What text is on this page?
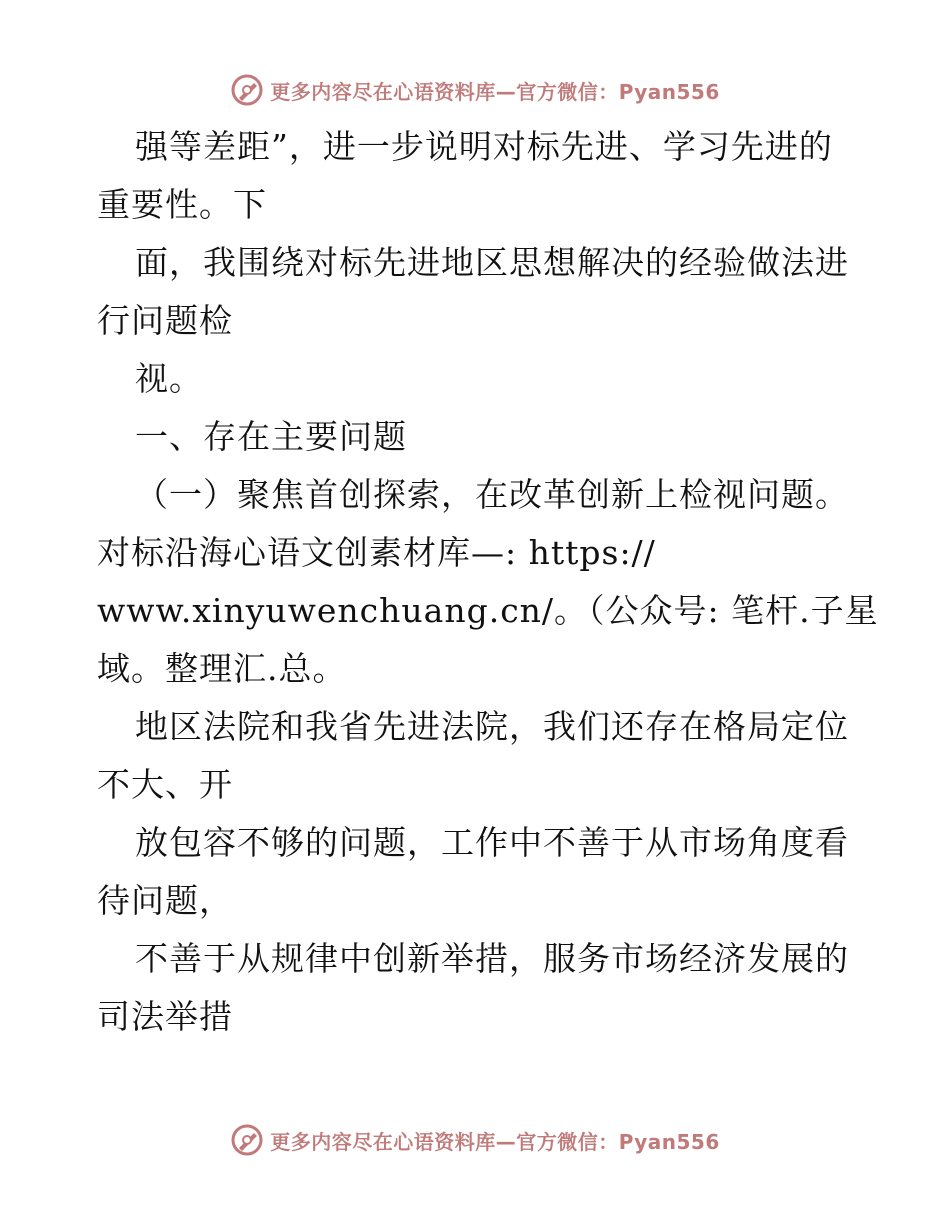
更多内容尽在心语资料库—官方微信：Pyan556
强等差距”，进一步说明对标先进、学习先进的
重要性。下
面，我围绕对标先进地区思想解决的经验做法进
行问题检
视。
一、存在主要问题
（一）聚焦首创探索，在改革创新上检视问题。
对标沿海心语文创素材库—: https://
www.xinyuwenchuang.cn/。（公众号: 笔杆.子星
域。整理汇.总。
地区法院和我省先进法院，我们还存在格局定位
不大、开
放包容不够的问题，工作中不善于从市场角度看
待问题，
不善于从规律中创新举措，服务市场经济发展的
司法举措
更多内容尽在心语资料库—官方微信：Pyan556
